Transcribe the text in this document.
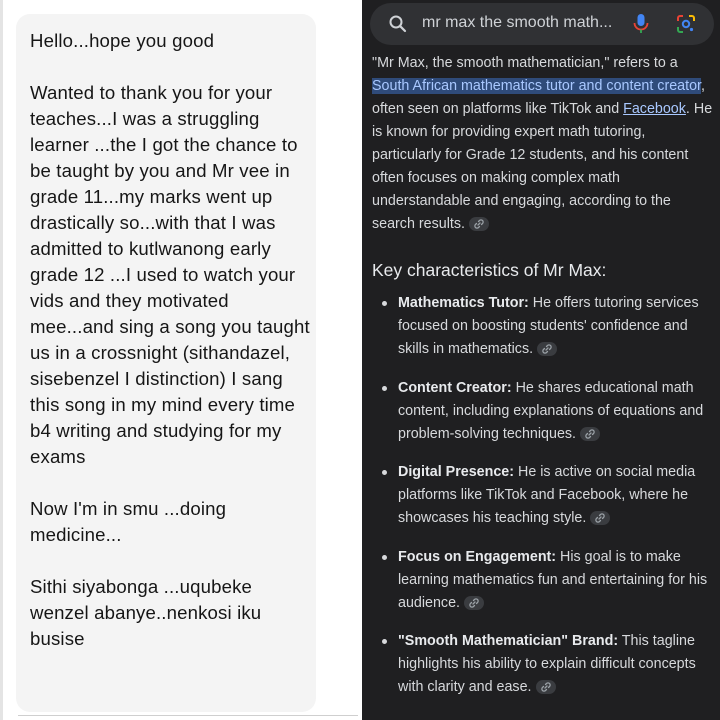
Hello...hope you good

Wanted to thank you for your teaches...I was a struggling learner ...the I got the chance to be taught by you and Mr vee in grade 11...my marks went up drastically so...with that I was admitted to kutlwanong early grade 12 ...I used to watch your vids and they motivated mee...and sing a song you taught us in a crossnight (sithandazel, sisebenzel I distinction) I sang this song in my mind every time b4 writing and studying for my exams

Now I'm in smu ...doing medicine...

Sithi siyabonga ...uqubeke wenzel abanye..nenkosi iku busise

mr max the smooth math...

"Mr Max, the smooth mathematician," refers to a South African mathematics tutor and content creator, often seen on platforms like TikTok and Facebook. He is known for providing expert math tutoring, particularly for Grade 12 students, and his content often focuses on making complex math understandable and engaging, according to the search results.

Key characteristics of Mr Max:
Mathematics Tutor: He offers tutoring services focused on boosting students' confidence and skills in mathematics.
Content Creator: He shares educational math content, including explanations of equations and problem-solving techniques.
Digital Presence: He is active on social media platforms like TikTok and Facebook, where he showcases his teaching style.
Focus on Engagement: His goal is to make learning mathematics fun and entertaining for his audience.
"Smooth Mathematician" Brand: This tagline highlights his ability to explain difficult concepts with clarity and ease.
